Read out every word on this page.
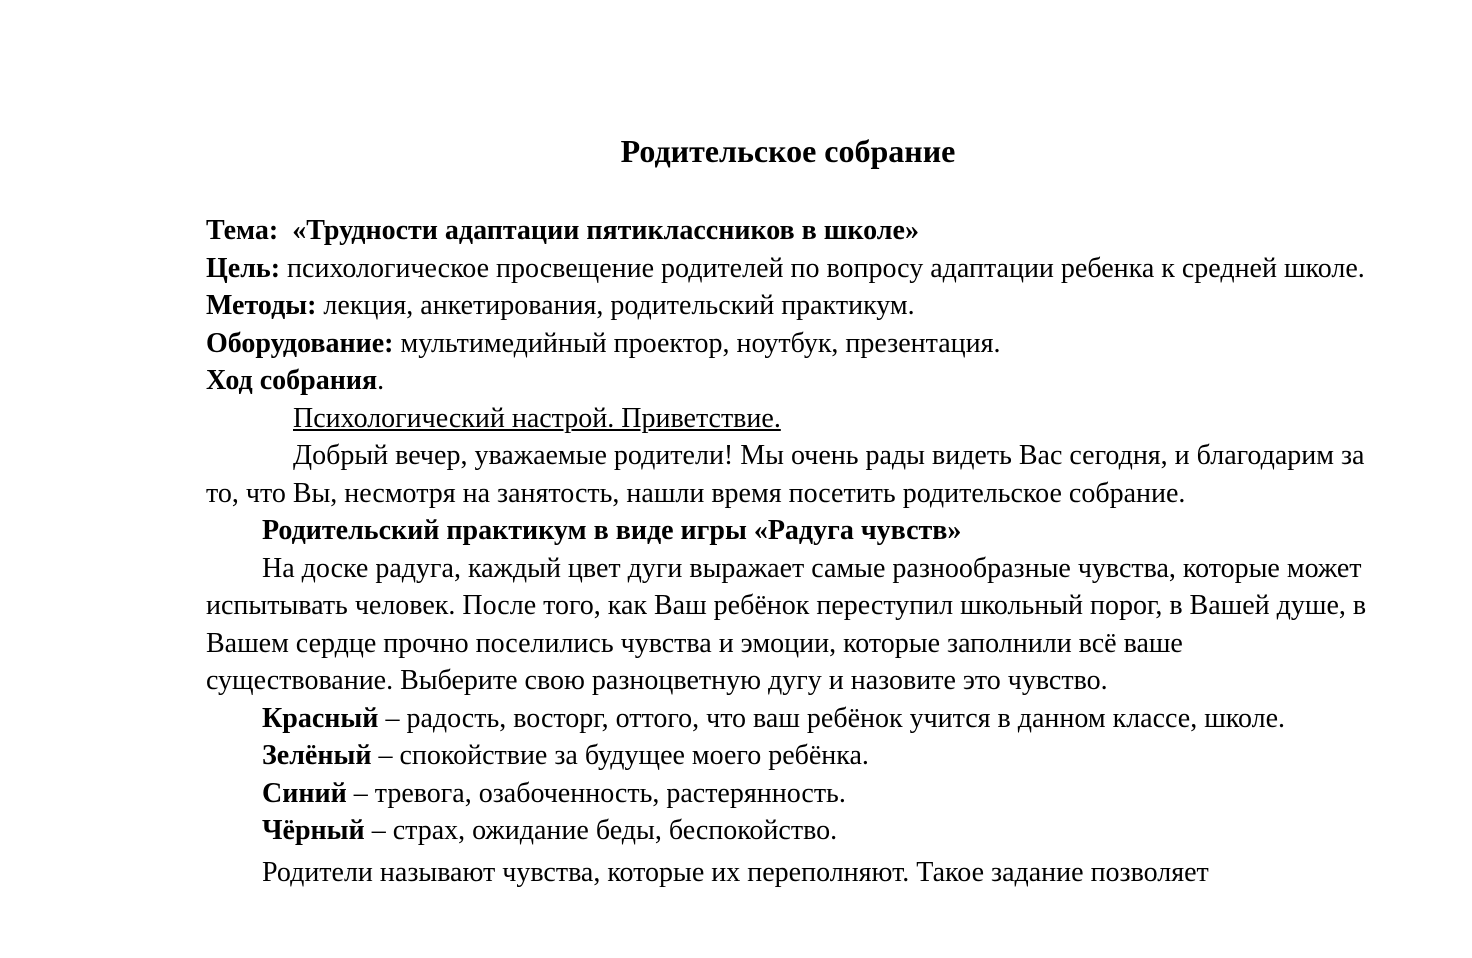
Родительское собрание

Тема: «Трудности адаптации пятиклассников в школе»

Цель: психологическое просвещение родителей по вопросу адаптации ребенка к средней школе.

Методы: лекция, анкетирования, родительский практикум.

Оборудование: мультимедийный проектор, ноутбук, презентация.

Ход собрания.

Психологический настрой. Приветствие.

Добрый вечер, уважаемые родители! Мы очень рады видеть Вас сегодня, и благодарим за то, что Вы, несмотря на занятость, нашли время посетить родительское собрание.

Родительский практикум в виде игры «Радуга чувств»

На доске радуга, каждый цвет дуги выражает самые разнообразные чувства, которые может испытывать человек. После того, как Ваш ребёнок переступил школьный порог, в Вашей душе, в Вашем сердце прочно поселились чувства и эмоции, которые заполнили всё ваше существование. Выберите свою разноцветную дугу и назовите это чувство.

Красный – радость, восторг, оттого, что ваш ребёнок учится в данном классе, школе.

Зелёный – спокойствие за будущее моего ребёнка.

Синий – тревога, озабоченность, растерянность.

Чёрный – страх, ожидание беды, беспокойство.

Родители называют чувства, которые их переполняют. Такое задание позволяет
